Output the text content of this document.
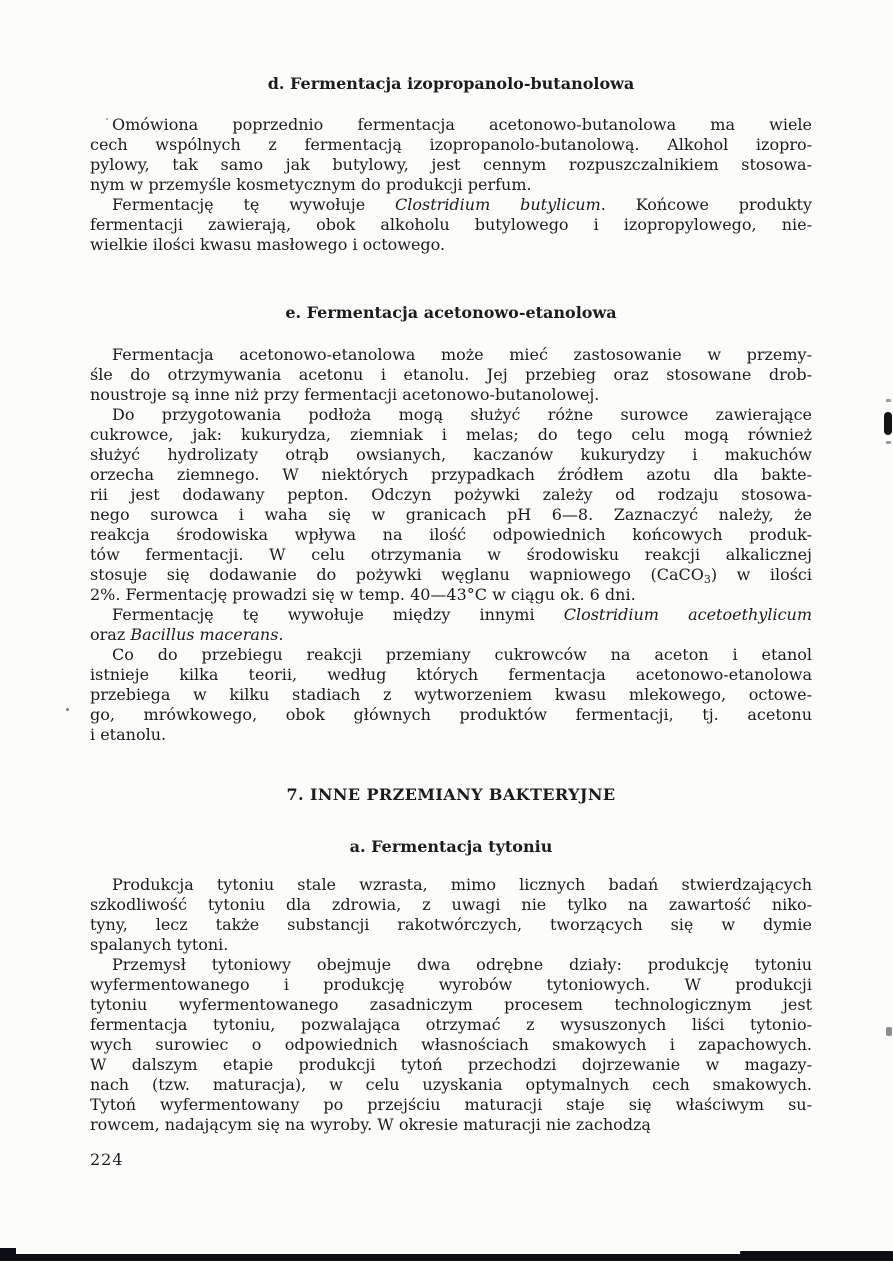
d. Fermentacja izopropanolo-butanolowa
Omówiona poprzednio fermentacja acetonowo-butanolowa ma wiele
cech wspólnych z fermentacją izopropanolo-butanolową. Alkohol izopro-
pylowy, tak samo jak butylowy, jest cennym rozpuszczalnikiem stosowa-
nym w przemyśle kosmetycznym do produkcji perfum.
Fermentację tę wywołuje Clostridium butylicum. Końcowe produkty
fermentacji zawierają, obok alkoholu butylowego i izopropylowego, nie-
wielkie ilości kwasu masłowego i octowego.
e. Fermentacja acetonowo-etanolowa
Fermentacja acetonowo-etanolowa może mieć zastosowanie w przemy-
śle do otrzymywania acetonu i etanolu. Jej przebieg oraz stosowane drob-
noustroje są inne niż przy fermentacji acetonowo-butanolowej.
Do przygotowania podłoża mogą służyć różne surowce zawierające
cukrowce, jak: kukurydza, ziemniak i melas; do tego celu mogą również
służyć hydrolizaty otrąb owsianych, kaczanów kukurydzy i makuchów
orzecha ziemnego. W niektórych przypadkach źródłem azotu dla bakte-
rii jest dodawany pepton. Odczyn pożywki zależy od rodzaju stosowa-
nego surowca i waha się w granicach pH 6—8. Zaznaczyć należy, że
reakcja środowiska wpływa na ilość odpowiednich końcowych produk-
tów fermentacji. W celu otrzymania w środowisku reakcji alkalicznej
stosuje się dodawanie do pożywki węglanu wapniowego (CaCO$_3$) w ilości
2%. Fermentację prowadzi się w temp. 40—43°C w ciągu ok. 6 dni.
Fermentację tę wywołuje między innymi Clostridium acetoethylicum
oraz Bacillus macerans.
Co do przebiegu reakcji przemiany cukrowców na aceton i etanol
istnieje kilka teorii, według których fermentacja acetonowo-etanolowa
przebiega w kilku stadiach z wytworzeniem kwasu mlekowego, octowe-
go, mrówkowego, obok głównych produktów fermentacji, tj. acetonu
i etanolu.
7. INNE PRZEMIANY BAKTERYJNE
a. Fermentacja tytoniu
Produkcja tytoniu stale wzrasta, mimo licznych badań stwierdzających
szkodliwość tytoniu dla zdrowia, z uwagi nie tylko na zawartość niko-
tyny, lecz także substancji rakotwórczych, tworzących się w dymie
spalanych tytoni.
Przemysł tytoniowy obejmuje dwa odrębne działy: produkcję tytoniu
wyfermentowanego i produkcję wyrobów tytoniowych. W produkcji
tytoniu wyfermentowanego zasadniczym procesem technologicznym jest
fermentacja tytoniu, pozwalająca otrzymać z wysuszonych liści tytonio-
wych surowiec o odpowiednich własnościach smakowych i zapachowych.
W dalszym etapie produkcji tytoń przechodzi dojrzewanie w magazy-
nach (tzw. maturacja), w celu uzyskania optymalnych cech smakowych.
Tytoń wyfermentowany po przejściu maturacji staje się właściwym su-
rowcem, nadającym się na wyroby. W okresie maturacji nie zachodzą
224
